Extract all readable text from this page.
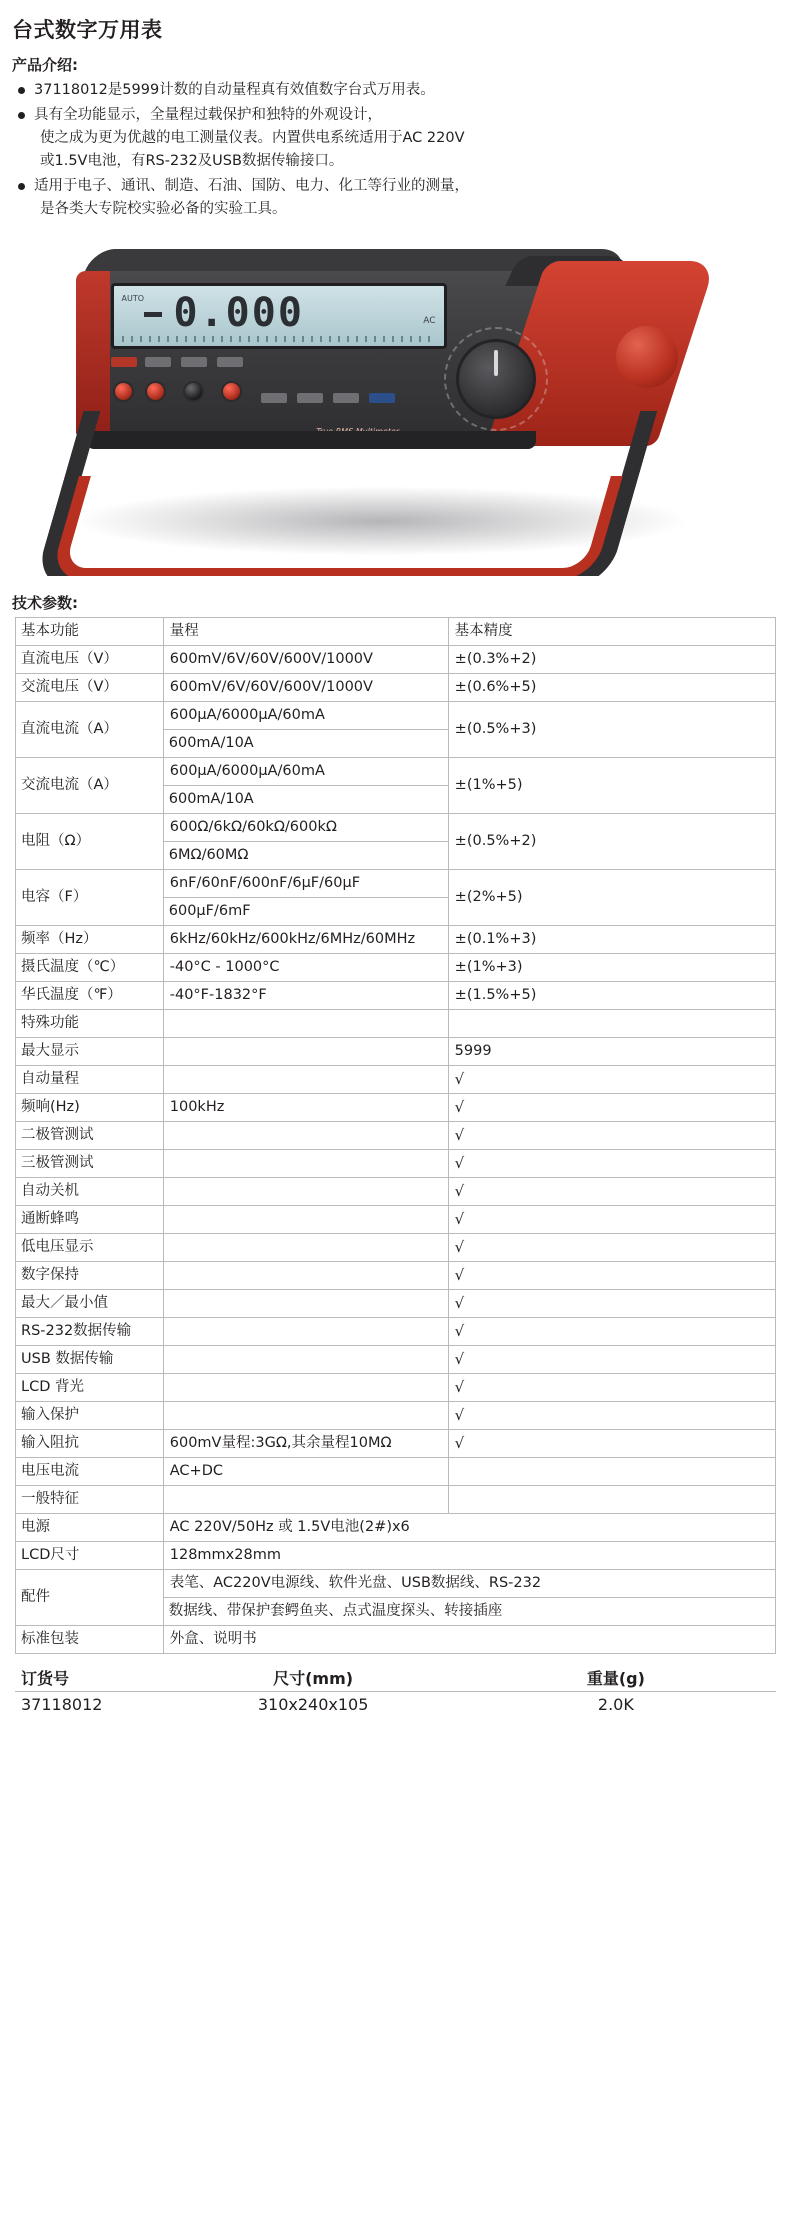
台式数字万用表
产品介绍:
37118012是5999计数的自动量程真有效值数字台式万用表。
具有全功能显示，全量程过载保护和独特的外观设计，
使之成为更为优越的电工测量仪表。内置供电系统适用于AC 220V
或1.5V电池，有RS-232及USB数据传输接口。
适用于电子、通讯、制造、石油、国防、电力、化工等行业的测量，
是各类大专院校实验必备的实验工具。
AUTO 0.000	AC
技术参数:
基本功能	量程	基本精度
直流电压（V）	600mV/6V/60V/600V/1000V	±(0.3%+2)
交流电压（V）	600mV/6V/60V/600V/1000V	±(0.6%+5)
直流电流（A）	600μA/6000μA/60mA	±(0.5%+3)
	600mA/10A	
交流电流（A）	600μA/6000μA/60mA	±(1%+5)
	600mA/10A	
电阻（Ω）	600Ω/6kΩ/60kΩ/600kΩ	±(0.5%+2)
	6MΩ/60MΩ	
电容（F）	6nF/60nF/600nF/6μF/60μF	±(2%+5)
	600μF/6mF	
频率（Hz）	6kHz/60kHz/600kHz/6MHz/60MHz	±(0.1%+3)
摄氏温度（℃）	-40°C - 1000°C	±(1%+3)
华氏温度（℉）	-40°F-1832°F	±(1.5%+5)
特殊功能		
最大显示		5999
自动量程		√
频响(Hz)	100kHz	√
二极管测试		√
三极管测试		√
自动关机		√
通断蜂鸣		√
低电压显示		√
数字保持		√
最大／最小值		√
RS-232数据传输		√
USB 数据传输		√
LCD 背光		√
输入保护		√
输入阻抗	600mV量程:3GΩ,其余量程10MΩ	√
电压电流	AC+DC	
一般特征		
电源	AC 220V/50Hz 或 1.5V电池(2#)x6	
LCD尺寸	128mmx28mm	
配件	表笔、AC220V电源线、软件光盘、USB数据线、RS-232	
	数据线、带保护套鳄鱼夹、点式温度探头、转接插座	
标准包装	外盒、说明书	
订货号	尺寸(mm)	重量(g)
37118012	310x240x105	2.0K
